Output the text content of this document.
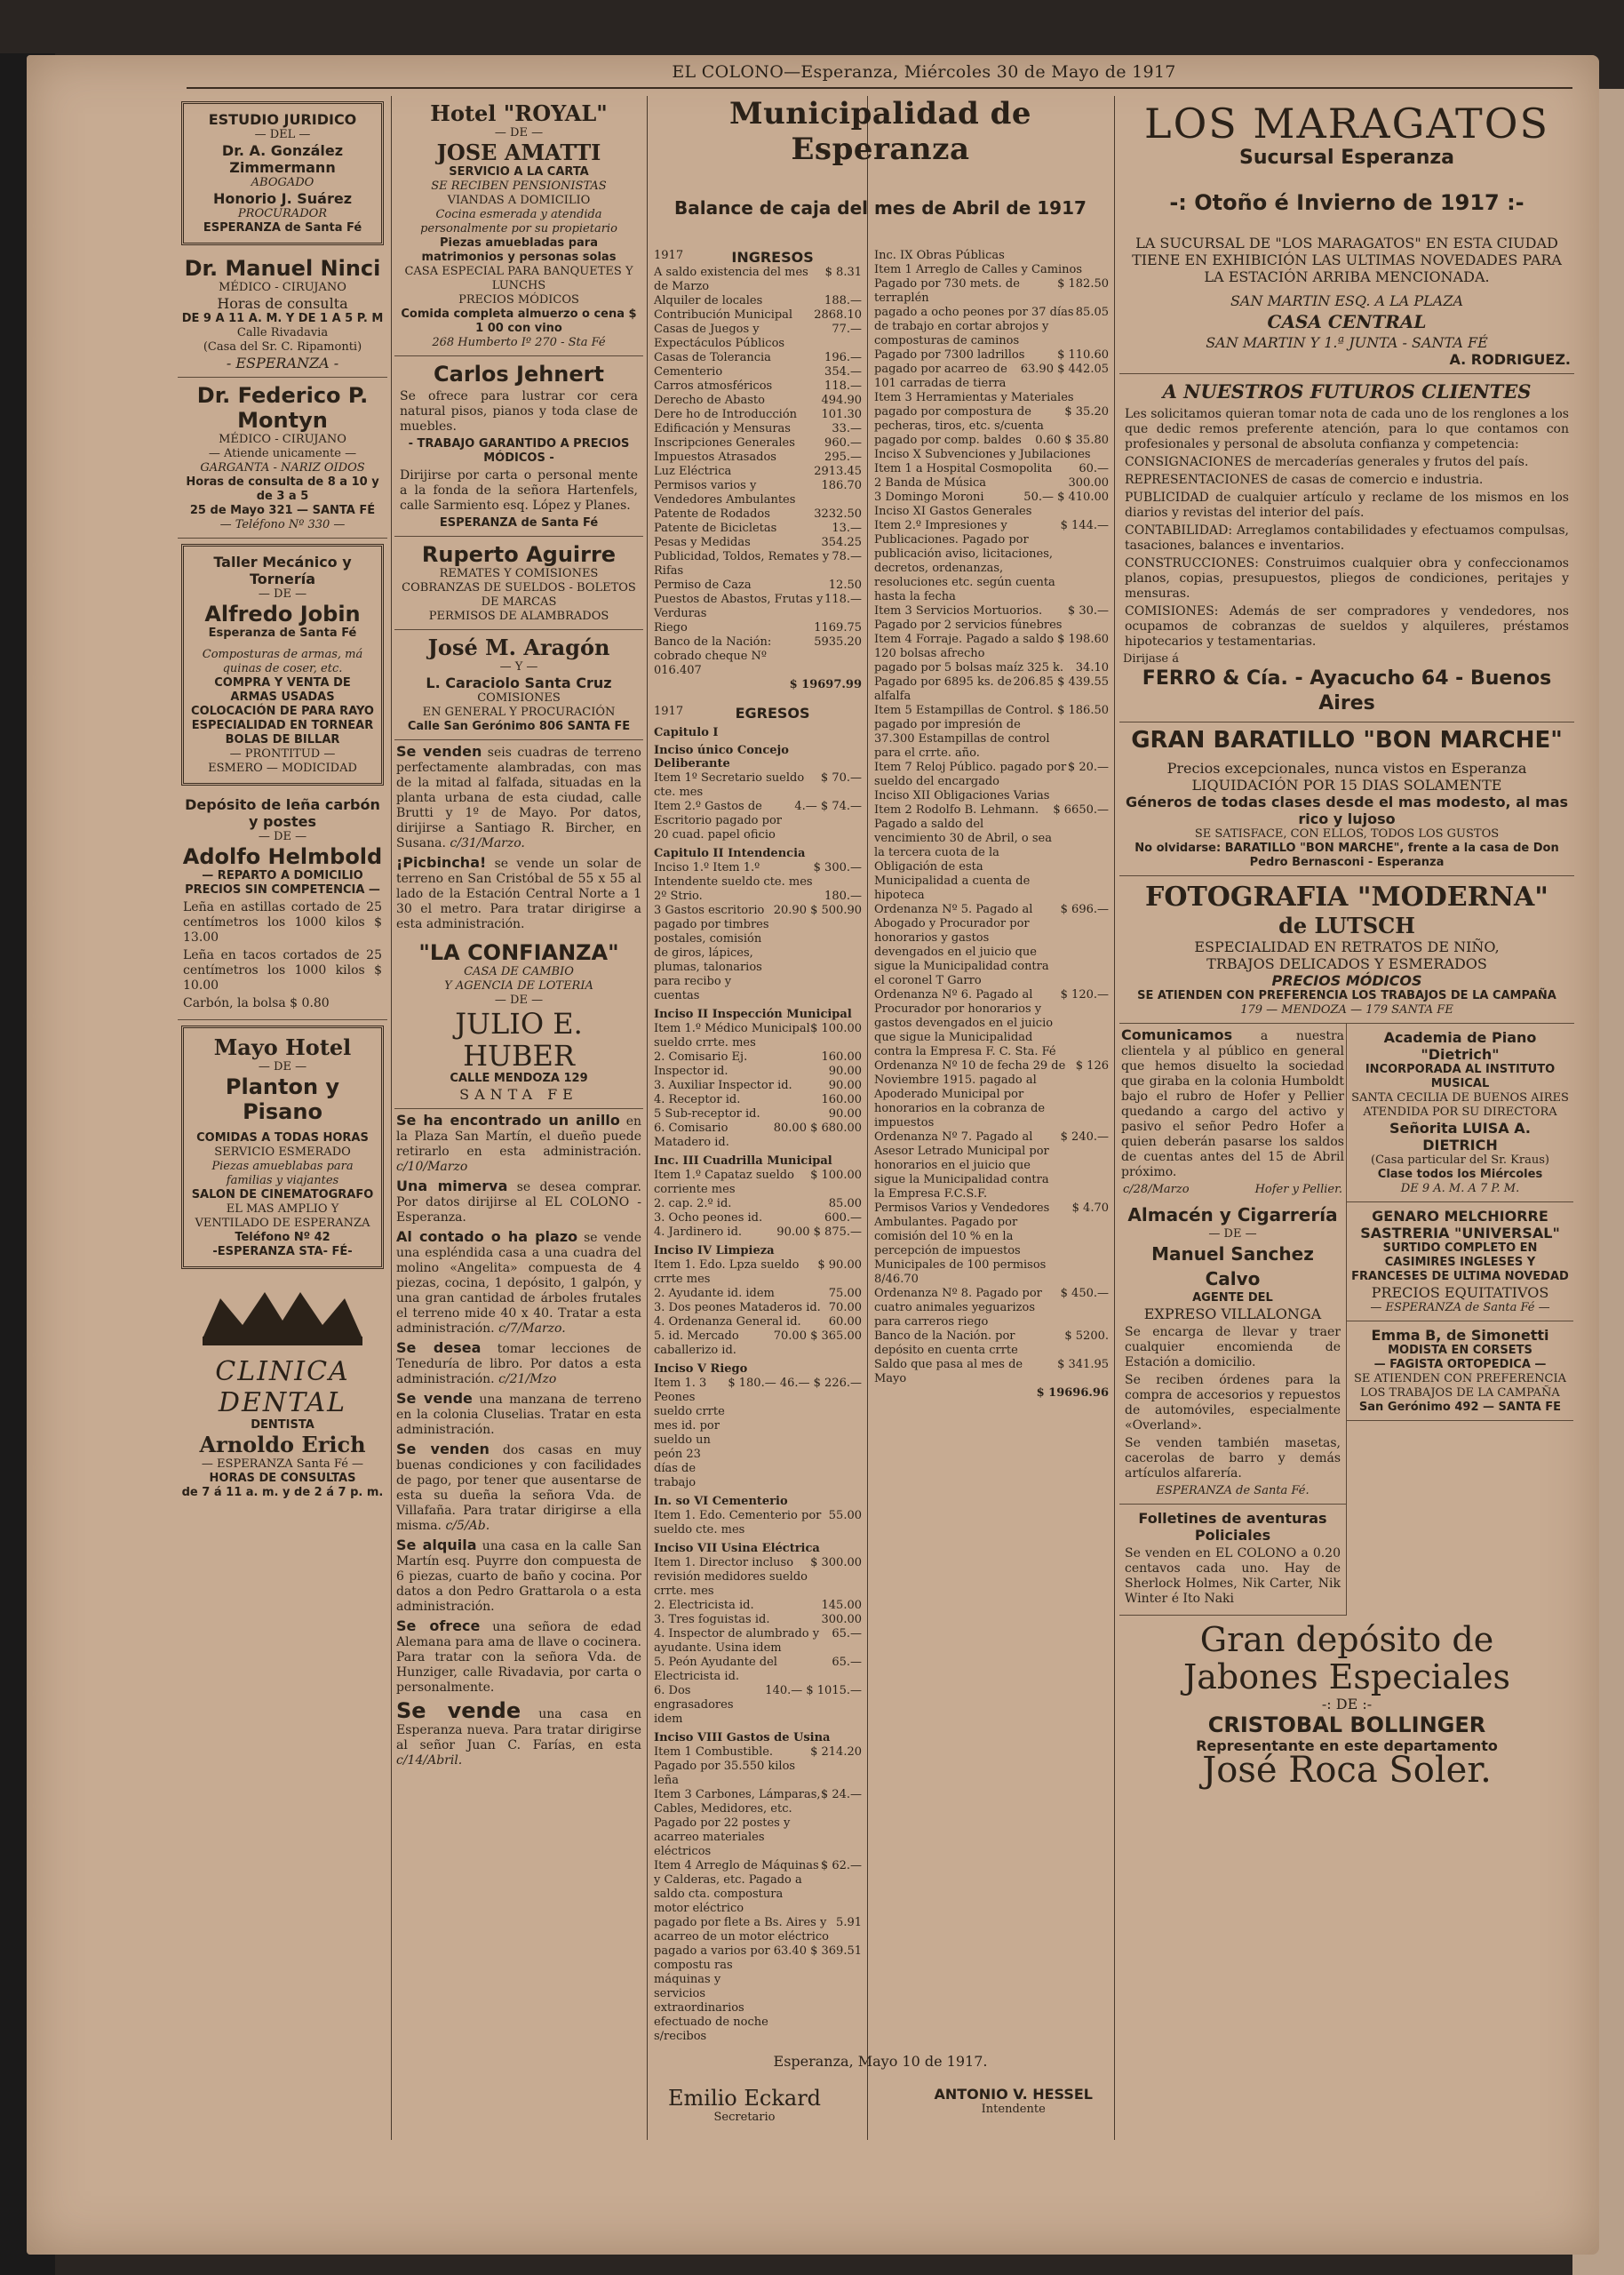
EL COLONO—Esperanza, Miércoles 30 de Mayo de 1917
ESTUDIO JURIDICO
— DEL —
Dr. A. González Zimmermann
ABOGADO
Honorio J. Suárez
PROCURADOR
ESPERANZA de Santa Fé
Dr. Manuel Ninci
MÉDICO - CIRUJANO
Horas de consulta
DE 9 A 11 A. M. Y DE 1 A 5 P. M
Calle Rivadavia
(Casa del Sr. C. Ripamonti)
- ESPERANZA -
Dr. Federico P. Montyn
MÉDICO - CIRUJANO
— Atiende unicamente —
GARGANTA - NARIZ OIDOS
Horas de consulta de 8 a 10 y de 3 a 5
25 de Mayo 321 — SANTA FÉ
— Teléfono Nº 330 —
Taller Mecánico y Tornería
— DE —
Alfredo Jobin
Esperanza de Santa Fé
Composturas de armas, má quinas de coser, etc.
COMPRA Y VENTA DE ARMAS USADAS
COLOCACIÓN DE PARA RAYO
ESPECIALIDAD EN TORNEAR BOLAS DE BILLAR
— PRONTITUD —
ESMERO — MODICIDAD
Depósito de leña carbón y postes
— DE —
Adolfo Helmbold
— REPARTO A DOMICILIO
PRECIOS SIN COMPETENCIA —
Leña en astillas cortado de 25 centímetros los 1000 kilos $ 13.00
Leña en tacos cortados de 25 centímetros los 1000 kilos $ 10.00
Carbón, la bolsa $ 0.80
Mayo Hotel
— DE —
Planton y Pisano
COMIDAS A TODAS HORAS
SERVICIO ESMERADO
Piezas amueblabas para familias y viajantes
SALON DE CINEMATOGRAFO
EL MAS AMPLIO Y VENTILADO DE ESPERANZA
Teléfono Nº 42
-ESPERANZA STA- FÉ-
CLINICA DENTAL
DENTISTA
Arnoldo Erich
— ESPERANZA Santa Fé —
HORAS DE CONSULTAS
de 7 á 11 a. m. y de 2 á 7 p. m.
Hotel "ROYAL"
— DE —
JOSE AMATTI
SERVICIO A LA CARTA
SE RECIBEN PENSIONISTAS
VIANDAS A DOMICILIO
Cocina esmerada y atendida personalmente por su propietario
Piezas amuebladas para matrimonios y personas solas
CASA ESPECIAL PARA BANQUETES Y LUNCHS
PRECIOS MÓDICOS
Comida completa almuerzo o cena $ 1 00 con vino
268 Humberto Iº 270 - Sta Fé
Carlos Jehnert
Se ofrece para lustrar cor cera natural pisos, pianos y toda clase de muebles.
- TRABAJO GARANTIDO A PRECIOS MÓDICOS -
Dirijirse por carta o personal mente a la fonda de la señora Hartenfels, calle Sarmiento esq. López y Planes.
ESPERANZA de Santa Fé
Ruperto Aguirre
REMATES Y COMISIONES
COBRANZAS DE SUELDOS - BOLETOS DE MARCAS
PERMISOS DE ALAMBRADOS
José M. Aragón
— Y —
L. Caraciolo Santa Cruz
COMISIONES
EN GENERAL Y PROCURACIÓN
Calle San Gerónimo 806 SANTA FE
Se venden seis cuadras de terreno perfectamente alambradas, con mas de la mitad al falfada, situadas en la planta urbana de esta ciudad, calle Brutti y 1º de Mayo. Por datos, dirijirse a Santiago R. Bircher, en Susana. c/31/Marzo.
¡Picbincha! se vende un solar de terreno en San Cristóbal de 55 x 55 al lado de la Estación Central Norte a 1 30 el metro. Para tratar dirigirse a esta administración.
"LA CONFIANZA"
CASA DE CAMBIO
Y AGENCIA DE LOTERIA
— DE —
JULIO E. HUBER
CALLE MENDOZA 129
SANTA FE
Se ha encontrado un anillo en la Plaza San Martín, el dueño puede retirarlo en esta administración. c/10/Marzo
Una mimerva se desea comprar. Por datos dirijirse al EL COLONO - Esperanza.
Al contado o ha plazo se vende una espléndida casa a una cuadra del molino «Angelita» compuesta de 4 piezas, cocina, 1 depósito, 1 galpón, y una gran cantidad de árboles frutales el terreno mide 40 x 40. Tratar a esta administración. c/7/Marzo.
Se desea tomar lecciones de Teneduría de libro. Por datos a esta administración. c/21/Mzo
Se vende una manzana de terreno en la colonia Cluselias. Tratar en esta administración.
Se venden dos casas en muy buenas condiciones y con facilidades de pago, por tener que ausentarse de esta su dueña la señora Vda. de Villafaña. Para tratar dirigirse a ella misma. c/5/Ab.
Se alquila una casa en la calle San Martín esq. Puyrre don compuesta de 6 piezas, cuarto de baño y cocina. Por datos a don Pedro Grattarola o a esta administración.
Se ofrece una señora de edad Alemana para ama de llave o cocinera. Para tratar con la señora Vda. de Hunziger, calle Rivadavia, por carta o personalmente.
Se vende una casa en Esperanza nueva. Para tratar dirigirse al señor Juan C. Farías, en esta c/14/Abril.
Municipalidad de Esperanza
Balance de caja del mes de Abril de 1917
1917	INGRESOS
A saldo existencia del mes de Marzo
$ 8.31
Alquiler de locales	188.—
Contribución Municipal 2868.10
Casas de Juegos y Expectáculos Públicos
77.—
Casas de Tolerancia	196.—
Cementerio	354.—
Carros atmosféricos	118.—
Derecho de Abasto	494.90
Dere ho de Introducción 101.30
Edificación y Mensuras	33.—
Inscripciones Generales	960.—
Impuestos Atrasados	295.—
Luz Eléctrica	2913.45
Permisos varios y Vendedores Ambulantes
186.70
Patente de Rodados	3232.50
Patente de Bicicletas	13.—
Pesas y Medidas	354.25
Publicidad, Toldos, Remates y Rifas
78.—
Permiso de Caza	12.50
Puestos de Abastos, Frutas y Verduras
118.—
Riego	1169.75
Banco de la Nación: cobrado cheque Nº 016.407
5935.20
$ 19697.99
1917	EGRESOS
Capitulo I
Inciso único Concejo Deliberante
Item 1º Secretario sueldo cte. mes
$ 70.—
Item 2.º Gastos de Escritorio pagado por 20 cuad. papel oficio
4.— $ 74.—
Capitulo II Intendencia
Inciso 1.º Item 1.º Intendente sueldo cte. mes
$ 300.—
2º Strio.	180.—
3 Gastos escritorio pagado por timbres postales, comisión de giros, lápices, plumas, talonarios para recibo y cuentas
20.90 $ 500.90
Inciso II Inspección Municipal
Item 1.º Médico Municipal sueldo crrte. mes
$ 100.00
2. Comisario Ej.	160.00
Inspector id.	90.00
3. Auxiliar Inspector id.	90.00
4. Receptor id.	160.00
5 Sub-receptor id.	90.00
6. Comisario Matadero id.
80.00 $ 680.00
Inc. III Cuadrilla Municipal
Item 1.º Capataz sueldo corriente mes
$ 100.00
2. cap. 2.º id.	85.00
3. Ocho peones id.	600.—
4. Jardinero id.	90.00 $ 875.—
Inciso IV Limpieza
Item 1. Edo. Lpza sueldo crrte mes
$ 90.00
2. Ayudante id. idem	75.00
3. Dos peones Mataderos id. 70.00
4. Ordenanza General id. 60.00
5. id. Mercado caballerizo id.
70.00 $ 365.00
Inciso V Riego
Item 1. 3 Peones sueldo crrte mes id. por sueldo un peón 23 días de trabajo
$ 180.— 46.— $ 226.—
In. so VI Cementerio
Item 1. Edo. Cementerio por sueldo cte. mes
55.00
Inciso VII Usina Eléctrica
Item 1. Director incluso revisión medidores sueldo crrte. mes
$ 300.00
2. Electricista id.	145.00
3. Tres foguistas id.	300.00
4. Inspector de alumbrado y ayudante. Usina idem
65.—
5. Peón Ayudante del Electricista id.
65.—
6. Dos engrasadores idem
140.— $ 1015.—
Inciso VIII Gastos de Usina
Item 1 Combustible. Pagado por 35.550 kilos leña
$ 214.20
Item 3 Carbones, Lámparas, Cables, Medidores, etc. Pagado por 22 postes y acarreo materiales eléctricos
$ 24.—
Item 4 Arreglo de Máquinas y Calderas, etc. Pagado a saldo cta. compostura motor eléctrico
$ 62.—
pagado por flete a Bs. Aires y acarreo de un motor eléctrico
5.91
pagado a varios por compostu ras máquinas y servicios extraordinarios efectuado de noche s/recibos
63.40 $ 369.51
Inc. IX Obras Públicas
Item 1 Arreglo de Calles y Caminos
Pagado por 730 mets. de terraplén
$ 182.50
pagado a ocho peones por 37 días de trabajo en cortar abrojos y composturas de caminos
85.05
Pagado por 7300 ladrillos	$ 110.60
pagado por acarreo de 101 carradas de tierra
63.90 $ 442.05
Item 3 Herramientas y Materiales
pagado por compostura de pecheras, tiros, etc. s/cuenta
$ 35.20
pagado por comp. baldes 0.60 $ 35.80
Inciso X Subvenciones y Jubilaciones
Item 1 a Hospital Cosmopolita 60.—
2 Banda de Música	300.00
3 Domingo Moroni	50.— $ 410.00
Inciso XI Gastos Generales
Item 2.º Impresiones y Publicaciones. Pagado por publicación aviso, licitaciones, decretos, ordenanzas, resoluciones etc. según cuenta hasta la fecha
$ 144.—
Item 3 Servicios Mortuorios. Pagado por 2 servicios fúnebres
$ 30.—
Item 4 Forraje. Pagado a saldo 120 bolsas afrecho
$ 198.60
pagado por 5 bolsas maíz 325 k. 34.10
Pagado por 6895 ks. de alfalfa
206.85 $ 439.55
Item 5 Estampillas de Control. pagado por impresión de 37.300 Estampillas de control para el crrte. año.
$ 186.50
Item 7 Reloj Público. pagado por sueldo del encargado
$ 20.—
Inciso XII Obligaciones Varias
Item 2 Rodolfo B. Lehmann. Pagado a saldo del vencimiento 30 de Abril, o sea la tercera cuota de la Obligación de esta Municipalidad a cuenta de hipoteca
$ 6650.—
Ordenanza Nº 5. Pagado al Abogado y Procurador por honorarios y gastos devengados en el juicio que sigue la Municipalidad contra el coronel T Garro
$ 696.—
Ordenanza Nº 6. Pagado al Procurador por honorarios y gastos devengados en el juicio que sigue la Municipalidad contra la Empresa F. C. Sta. Fé
$ 120.—
Ordenanza Nº 10 de fecha 29 de Noviembre 1915. pagado al Apoderado Municipal por honorarios en la cobranza de impuestos
$ 126
Ordenanza Nº 7. Pagado al Asesor Letrado Municipal por honorarios en el juicio que sigue la Municipalidad contra la Empresa F.C.S.F.
$ 240.—
Permisos Varios y Vendedores Ambulantes. Pagado por comisión del 10 % en la percepción de impuestos Municipales de 100 permisos 8/46.70
$ 4.70
Ordenanza Nº 8. Pagado por cuatro animales yeguarizos para carreros riego
$ 450.—
Banco de la Nación. por depósito en cuenta crrte
$ 5200.
Saldo que pasa al mes de Mayo
$ 341.95
$ 19696.96
Esperanza, Mayo 10 de 1917.
Emilio Eckard
Secretario
ANTONIO V. HESSEL
Intendente
LOS MARAGATOS
Sucursal Esperanza
-: Otoño é Invierno de 1917 :-
LA SUCURSAL DE "LOS MARAGATOS" EN ESTA CIUDAD TIENE EN EXHIBICIÓN LAS ULTIMAS NOVEDADES PARA LA ESTACIÓN ARRIBA MENCIONADA.
SAN MARTIN ESQ. A LA PLAZA
CASA CENTRAL
SAN MARTIN Y 1.ª JUNTA - SANTA FÉ
A. RODRIGUEZ.
A NUESTROS FUTUROS CLIENTES
Les solicitamos quieran tomar nota de cada uno de los renglones a los que dedic remos preferente atención, para lo que contamos con profesionales y personal de absoluta confianza y competencia:
CONSIGNACIONES de mercaderías generales y frutos del país.
REPRESENTACIONES de casas de comercio e industria.
PUBLICIDAD de cualquier artículo y reclame de los mismos en los diarios y revistas del interior del país.
CONTABILIDAD: Arreglamos contabilidades y efectuamos compulsas, tasaciones, balances e inventarios.
CONSTRUCCIONES: Construimos cualquier obra y confeccionamos planos, copias, presupuestos, pliegos de condiciones, peritajes y mensuras.
COMISIONES: Además de ser compradores y vendedores, nos ocupamos de cobranzas de sueldos y alquileres, préstamos hipotecarios y testamentarias.
Dirijase á
FERRO & Cía. - Ayacucho 64 - Buenos Aires
GRAN BARATILLO "BON MARCHE"
Precios excepcionales, nunca vistos en Esperanza
LIQUIDACIÓN POR 15 DIAS SOLAMENTE
Géneros de todas clases desde el mas modesto, al mas rico y lujoso
SE SATISFACE, CON ELLOS, TODOS LOS GUSTOS
No olvidarse: BARATILLO "BON MARCHE", frente a la casa de Don Pedro Bernasconi - Esperanza
FOTOGRAFIA "MODERNA"
de LUTSCH
ESPECIALIDAD EN RETRATOS DE NIÑO,
TRBAJOS DELICADOS Y ESMERADOS
PRECIOS MÓDICOS
SE ATIENDEN CON PREFERENCIA LOS TRABAJOS DE LA CAMPAÑA
179 — MENDOZA — 179 SANTA FE
Comunicamos a nuestra clientela y al público en general que hemos disuelto la sociedad que giraba en la colonia Humboldt bajo el rubro de Hofer y Pellier quedando a cargo del activo y pasivo el señor Pedro Hofer a quien deberán pasarse los saldos de cuentas antes del 15 de Abril próximo.
c/28/Marzo	Hofer y Pellier.
Almacén y Cigarrería
— DE —
Manuel Sanchez Calvo
AGENTE DEL
EXPRESO VILLALONGA
Se encarga de llevar y traer cualquier encomienda de Estación a domicilio.
Se reciben órdenes para la compra de accesorios y repuestos de automóviles, especialmente «Overland».
Se venden también masetas, cacerolas de barro y demás artículos alfarería.
ESPERANZA de Santa Fé.
Folletines de aventuras Policiales
Se venden en EL COLONO a 0.20 centavos cada uno. Hay de Sherlock Holmes, Nik Carter, Nik Winter é Ito Naki
Academia de Piano "Dietrich"
INCORPORADA AL INSTITUTO MUSICAL
SANTA CECILIA DE BUENOS AIRES
ATENDIDA POR SU DIRECTORA
Señorita LUISA A. DIETRICH
(Casa particular del Sr. Kraus)
Clase todos los Miércoles
DE 9 A. M. A 7 P. M.
GENARO MELCHIORRE
SASTRERIA "UNIVERSAL"
SURTIDO COMPLETO EN CASIMIRES INGLESES Y FRANCESES DE ULTIMA NOVEDAD
PRECIOS EQUITATIVOS
— ESPERANZA de Santa Fé —
Emma B, de Simonetti
MODISTA EN CORSETS
— FAGISTA ORTOPEDICA —
SE ATIENDEN CON PREFERENCIA LOS TRABAJOS DE LA CAMPAÑA
San Gerónimo 492 — SANTA FE
Gran depósito de
Jabones Especiales
-: DE :-
CRISTOBAL BOLLINGER
Representante en este departamento
José Roca Soler.
